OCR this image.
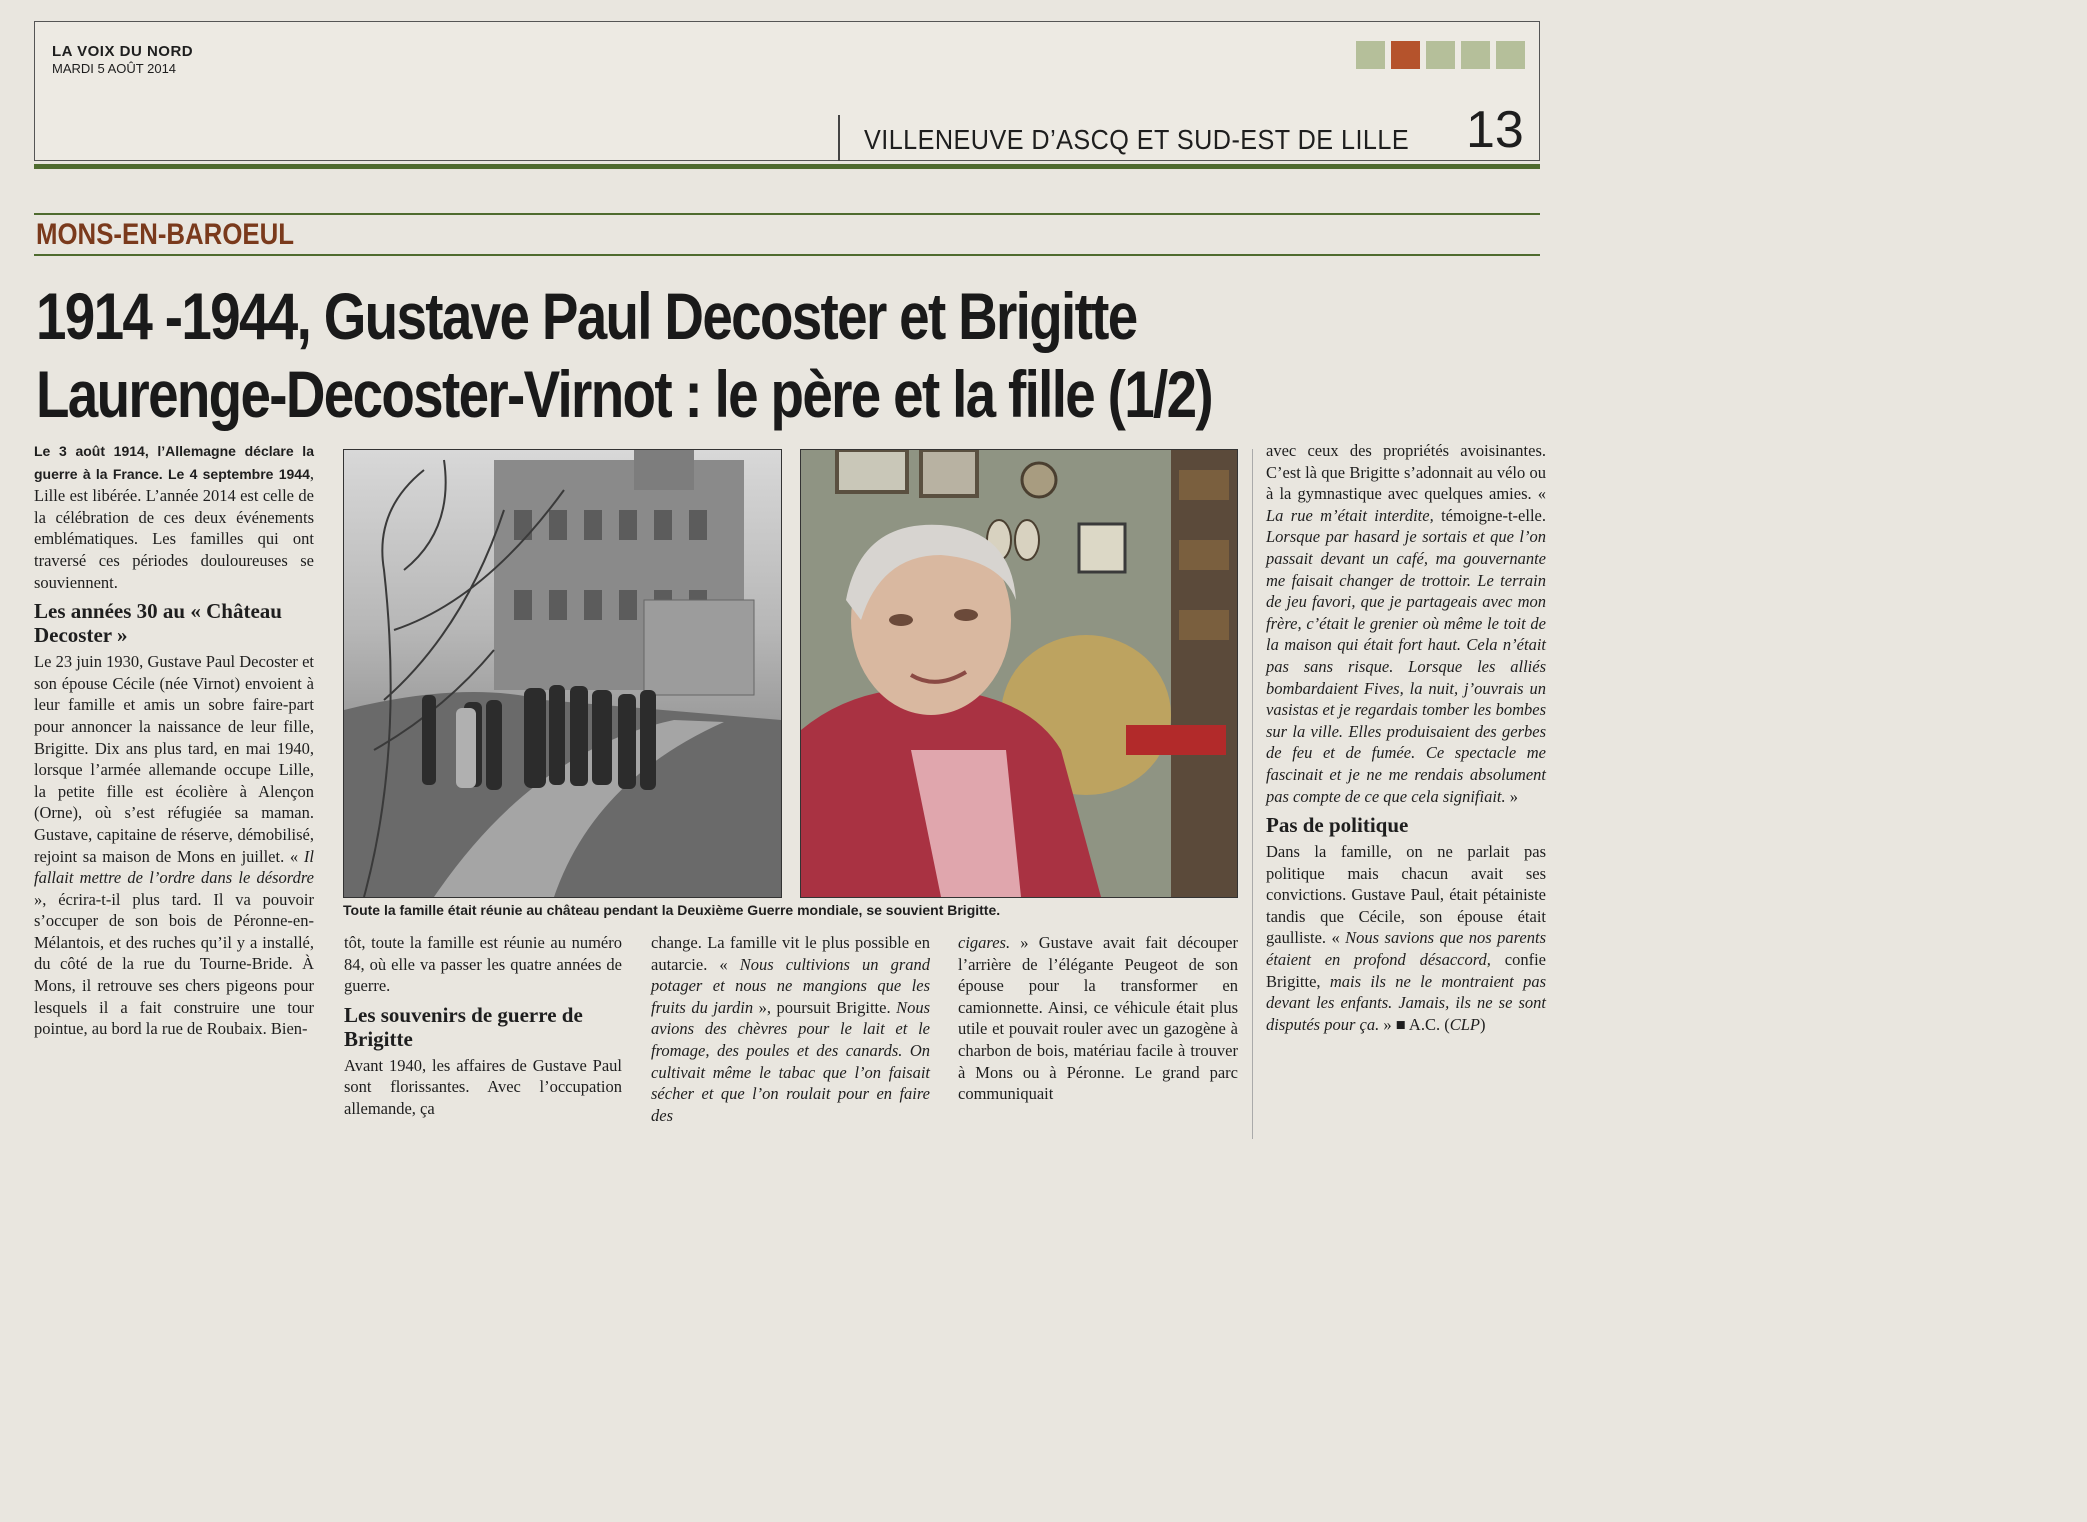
LA VOIX DU NORD
MARDI 5 AOÛT 2014
VILLENEUVE D’ASCQ ET SUD-EST DE LILLE 13
MONS-EN-BAROEUL
1914 -1944, Gustave Paul Decoster et Brigitte
Laurenge-Decoster-Virnot : le père et la fille (1/2)

Le 3 août 1914, l’Allemagne déclare la guerre à la France. Le 4 septembre 1944, Lille est libérée. L’année 2014 est celle de la célébration de ces deux événements emblématiques. Les familles qui ont traversé ces périodes douloureuses se souviennent.

Les années 30 au « Château Decoster »

Le 23 juin 1930, Gustave Paul Decoster et son épouse Cécile (née Virnot) envoient à leur famille et amis un sobre faire-part pour annoncer la naissance de leur fille, Brigitte. Dix ans plus tard, en mai 1940, lorsque l’armée allemande occupe Lille, la petite fille est écolière à Alençon (Orne), où s’est réfugiée sa maman. Gustave, capitaine de réserve, démobilisé, rejoint sa maison de Mons en juillet. « Il fallait mettre de l’ordre dans le désordre », écrira-t-il plus tard. Il va pouvoir s’occuper de son bois de Péronne-en-Mélantois, et des ruches qu’il y a installé, du côté de la rue du Tourne-Bride. À Mons, il retrouve ses chers pigeons pour lesquels il a fait construire une tour pointue, au bord la rue de Roubaix. Bien-

Toute la famille était réunie au château pendant la Deuxième Guerre mondiale, se souvient Brigitte.

tôt, toute la famille est réunie au numéro 84, où elle va passer les quatre années de guerre.

Les souvenirs de guerre de Brigitte

Avant 1940, les affaires de Gustave Paul sont florissantes. Avec l’occupation allemande, ça

change. La famille vit le plus possible en autarcie. « Nous cultivions un grand potager et nous ne mangions que les fruits du jardin », poursuit Brigitte. Nous avions des chèvres pour le lait et le fromage, des poules et des canards. On cultivait même le tabac que l’on faisait sécher et que l’on roulait pour en faire des

cigares. » Gustave avait fait découper l’arrière de l’élégante Peugeot de son épouse pour la transformer en camionnette. Ainsi, ce véhicule était plus utile et pouvait rouler avec un gazogène à charbon de bois, matériau facile à trouver à Mons ou à Péronne. Le grand parc communiquait

avec ceux des propriétés avoisinantes. C’est là que Brigitte s’adonnait au vélo ou à la gymnastique avec quelques amies. « La rue m’était interdite, témoigne-t-elle. Lorsque par hasard je sortais et que l’on passait devant un café, ma gouvernante me faisait changer de trottoir. Le terrain de jeu favori, que je partageais avec mon frère, c’était le grenier où même le toit de la maison qui était fort haut. Cela n’était pas sans risque. Lorsque les alliés bombardaient Fives, la nuit, j’ouvrais un vasistas et je regardais tomber les bombes sur la ville. Elles produisaient des gerbes de feu et de fumée. Ce spectacle me fascinait et je ne me rendais absolument pas compte de ce que cela signifiait. »

Pas de politique

Dans la famille, on ne parlait pas politique mais chacun avait ses convictions. Gustave Paul, était pétainiste tandis que Cécile, son épouse était gaulliste. « Nous savions que nos parents étaient en profond désaccord, confie Brigitte, mais ils ne le montraient pas devant les enfants. Jamais, ils ne se sont disputés pour ça. » ■ A.C. (CLP)
